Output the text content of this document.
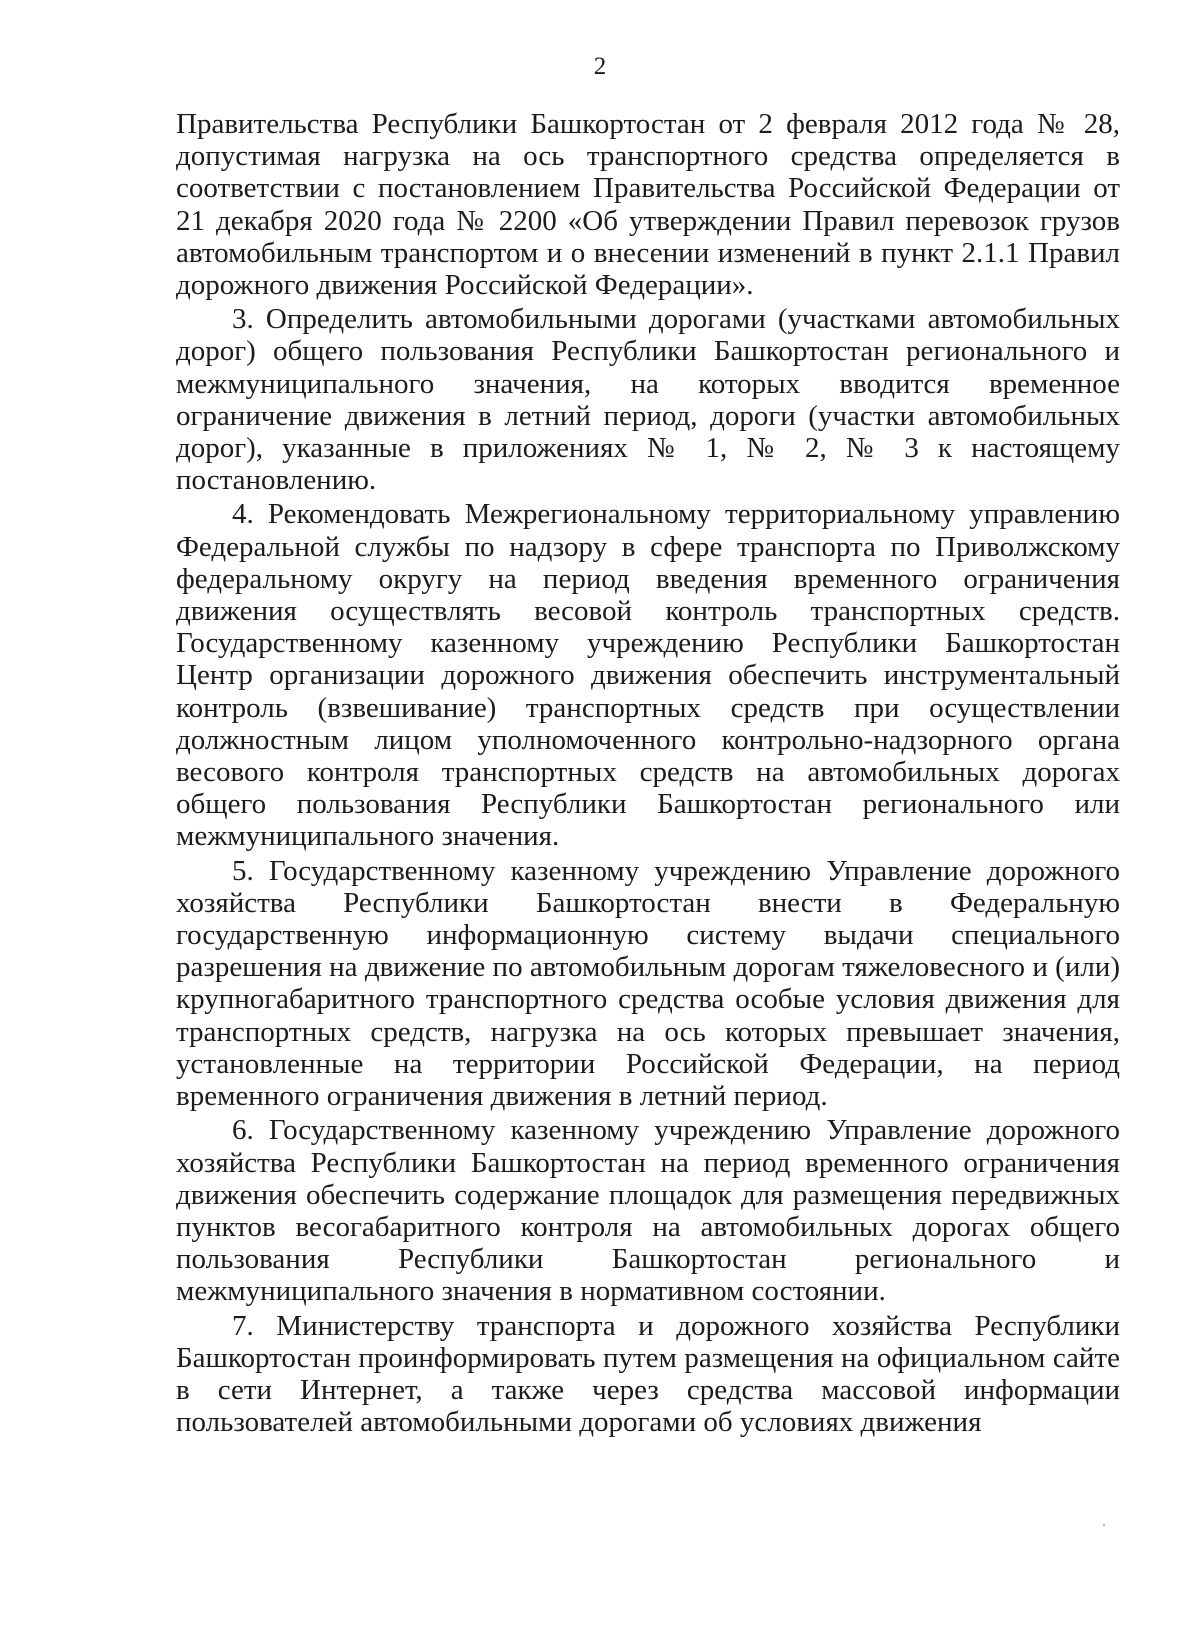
2

Правительства Республики Башкортостан от 2 февраля 2012 года № 28, допустимая нагрузка на ось транспортного средства определяется в соответствии с постановлением Правительства Российской Федерации от 21 декабря 2020 года № 2200 «Об утверждении Правил перевозок грузов автомобильным транспортом и о внесении изменений в пункт 2.1.1 Правил дорожного движения Российской Федерации».

3. Определить автомобильными дорогами (участками автомобильных дорог) общего пользования Республики Башкортостан регионального и межмуниципального значения, на которых вводится временное ограничение движения в летний период, дороги (участки автомобильных дорог), указанные в приложениях № 1, № 2, № 3 к настоящему постановлению.

4. Рекомендовать Межрегиональному территориальному управлению Федеральной службы по надзору в сфере транспорта по Приволжскому федеральному округу на период введения временного ограничения движения осуществлять весовой контроль транспортных средств. Государственному казенному учреждению Республики Башкортостан Центр организации дорожного движения обеспечить инструментальный контроль (взвешивание) транспортных средств при осуществлении должностным лицом уполномоченного контрольно-надзорного органа весового контроля транспортных средств на автомобильных дорогах общего пользования Республики Башкортостан регионального или межмуниципального значения.

5. Государственному казенному учреждению Управление дорожного хозяйства Республики Башкортостан внести в Федеральную государственную информационную систему выдачи специального разрешения на движение по автомобильным дорогам тяжеловесного и (или) крупногабаритного транспортного средства особые условия движения для транспортных средств, нагрузка на ось которых превышает значения, установленные на территории Российской Федерации, на период временного ограничения движения в летний период.

6. Государственному казенному учреждению Управление дорожного хозяйства Республики Башкортостан на период временного ограничения движения обеспечить содержание площадок для размещения передвижных пунктов весогабаритного контроля на автомобильных дорогах общего пользования Республики Башкортостан регионального и межмуниципального значения в нормативном состоянии.

7. Министерству транспорта и дорожного хозяйства Республики Башкортостан проинформировать путем размещения на официальном сайте в сети Интернет, а также через средства массовой информации пользователей автомобильными дорогами об условиях движения
